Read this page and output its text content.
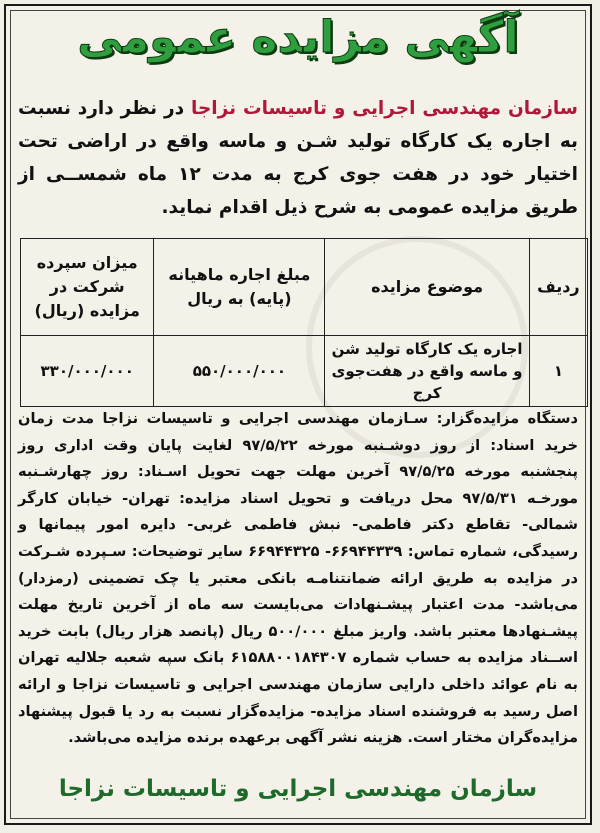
آگهی مزایده عمومی
سازمان مهندسی اجرایی و تاسیسات نزاجا در نظر دارد نسبت به اجاره یک کارگاه تولید شـن و ماسه واقع در اراضی تحت اختیار خود در هفت جوی کرج به مدت ۱۲ ماه شمســی از طریق مزایده عمومی به شرح ذیل اقدام نماید.
ردیف	موضوع مزایده	مبلغ اجاره ماهیانه (پایه) به ریال	میزان سپرده شرکت در مزایده (ریال)
۱	اجاره یک کارگاه تولید شن و ماسه واقع در هفت‌جوی کرج	۵۵۰/۰۰۰/۰۰۰	۳۳۰/۰۰۰/۰۰۰
دستگاه مزایده‌گزار: سـازمان مهندسی اجرایی و تاسیسات نزاجا مدت زمان خرید اسناد: از روز دوشـنبه مورخه ۹۷/۵/۲۲ لغایت پایان وقت اداری روز پنجشنبه مورخه ۹۷/۵/۲۵ آخرین مهلت جهت تحویل اسـناد: روز چهارشـنبه مورخـه ۹۷/۵/۳۱ محل دریافت و تحویل اسناد مزایده: تهران- خیابان کارگر شمالی- تقاطع دکتر فاطمی- نبش فاطمی غربی- دایره امور پیمانها و رسیدگی، شماره تماس: ۶۶۹۴۴۳۳۹- ۶۶۹۴۴۳۲۵ سایر توضیحات: سـپرده شـرکت در مزایده به طریق ارائه ضمانتنامـه بانکی معتبر یا چک تضمینی (رمزدار) می‌باشد- مدت اعتبار پیشـنهادات می‌بایست سه ماه از آخرین تاریخ مهلت پیشـنهادها معتبر باشد. واریز مبلغ ۵۰۰/۰۰۰ ریال (پانصد هزار ریال) بابت خرید اســناد مزایده به حساب شماره ۶۱۵۸۸۰۰۱۸۴۳۰۷ بانک سپه شعبه جلالیه تهران به نام عوائد داخلی دارایی سازمان مهندسی اجرایی و تاسیسات نزاجا و ارائه اصل رسید به فروشنده اسناد مزایده- مزایده‌گزار نسبت به رد یا قبول پیشنهاد مزایده‌گران مختار است. هزینه نشر آگهی برعهده برنده مزایده می‌باشد.
سازمان مهندسی اجرایی و تاسیسات نزاجا
